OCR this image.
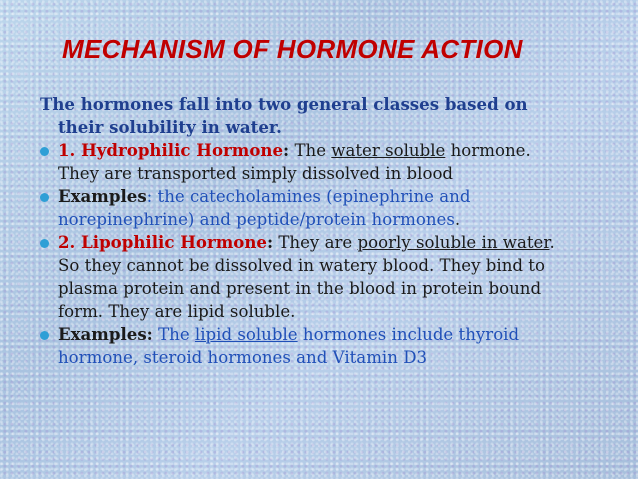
MECHANISM OF HORMONE ACTION

The hormones fall into two general classes based on
their solubility in water.

1. Hydrophilic Hormone: The water soluble hormone.
They are transported simply dissolved in blood

Examples: the catecholamines (epinephrine and
norepinephrine) and peptide/protein hormones.

2. Lipophilic Hormone: They are poorly soluble in water.
So they cannot be dissolved in watery blood. They bind to
plasma protein and present in the blood in protein bound
form. They are lipid soluble.

Examples: The lipid soluble hormones include thyroid
hormone, steroid hormones and Vitamin D3
